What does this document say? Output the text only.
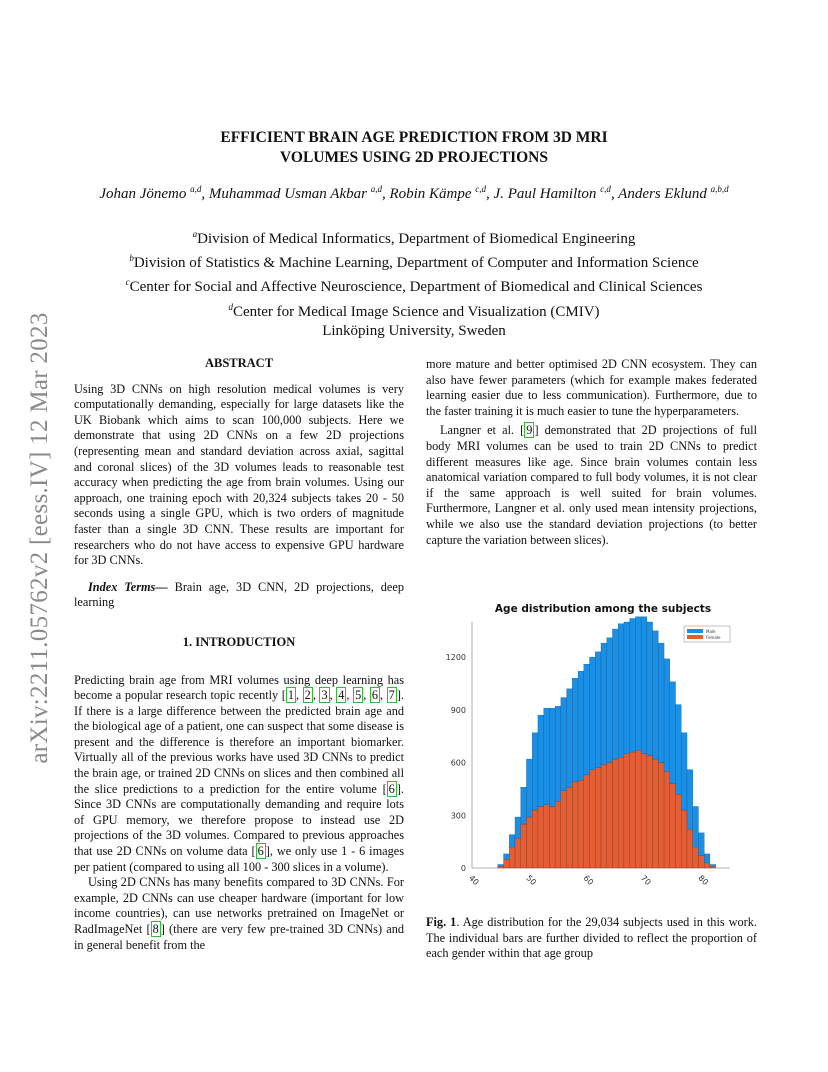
arXiv:2211.05762v2 [eess.IV] 12 Mar 2023
EFFICIENT BRAIN AGE PREDICTION FROM 3D MRI
VOLUMES USING 2D PROJECTIONS
Johan Jönemo $^{a,d}$, Muhammad Usman Akbar $^{a,d}$, Robin Kämpe $^{c,d}$, J. Paul Hamilton $^{c,d}$, Anders Eklund $^{a,b,d}$
$^a$Division of Medical Informatics, Department of Biomedical Engineering
$^b$Division of Statistics & Machine Learning, Department of Computer and Information Science
$^c$Center for Social and Affective Neuroscience, Department of Biomedical and Clinical Sciences
$^d$Center for Medical Image Science and Visualization (CMIV)
Linköping University, Sweden
ABSTRACT

Using 3D CNNs on high resolution medical volumes is very computationally demanding, especially for large datasets like the UK Biobank which aims to scan 100,000 subjects. Here we demonstrate that using 2D CNNs on a few 2D projections (representing mean and standard deviation across axial, sagittal and coronal slices) of the 3D volumes leads to reasonable test accuracy when predicting the age from brain volumes. Using our approach, one training epoch with 20,324 subjects takes 20 - 50 seconds using a single GPU, which is two orders of magnitude faster than a single 3D CNN. These results are important for researchers who do not have access to expensive GPU hardware for 3D CNNs.

Index Terms— Brain age, 3D CNN, 2D projections, deep learning

1. INTRODUCTION

Predicting brain age from MRI volumes using deep learning has become a popular research topic recently [ 1 , 2 , 3 , 4 , 5 , 6 , 7 ]. If there is a large difference between the predicted brain age and the biological age of a patient, one can suspect that some disease is present and the difference is therefore an important biomarker. Virtually all of the previous works have used 3D CNNs to predict the brain age, or trained 2D CNNs on slices and then combined all the slice predictions to a prediction for the entire volume [ 6 ]. Since 3D CNNs are computationally demanding and require lots of GPU memory, we therefore propose to instead use 2D projections of the 3D volumes. Compared to previous approaches that use 2D CNNs on volume data [ 6 ], we only use 1 - 6 images per patient (compared to using all 100 - 300 slices in a volume).

Using 2D CNNs has many benefits compared to 3D CNNs. For example, 2D CNNs can use cheaper hardware (important for low income countries), can use networks pretrained on ImageNet or RadImageNet [ 8 ] (there are very few pre-trained 3D CNNs) and in general benefit from the

more mature and better optimised 2D CNN ecosystem. They can also have fewer parameters (which for example makes federated learning easier due to less communication). Furthermore, due to the faster training it is much easier to tune the hyperparameters.

Langner et al. [ 9 ] demonstrated that 2D projections of full body MRI volumes can be used to train 2D CNNs to predict different measures like age. Since brain volumes contain less anatomical variation compared to full body volumes, it is not clear if the same approach is well suited for brain volumes. Furthermore, Langner et al. only used mean intensity projections, while we also use the standard deviation projections (to better capture the variation between slices).

Age distribution among the subjects
0
300
600
900
1200
40	50	60	70	80
Male
Female
Fig. 1. Age distribution for the 29,034 subjects used in this work. The individual bars are further divided to reflect the proportion of each gender within that age group
